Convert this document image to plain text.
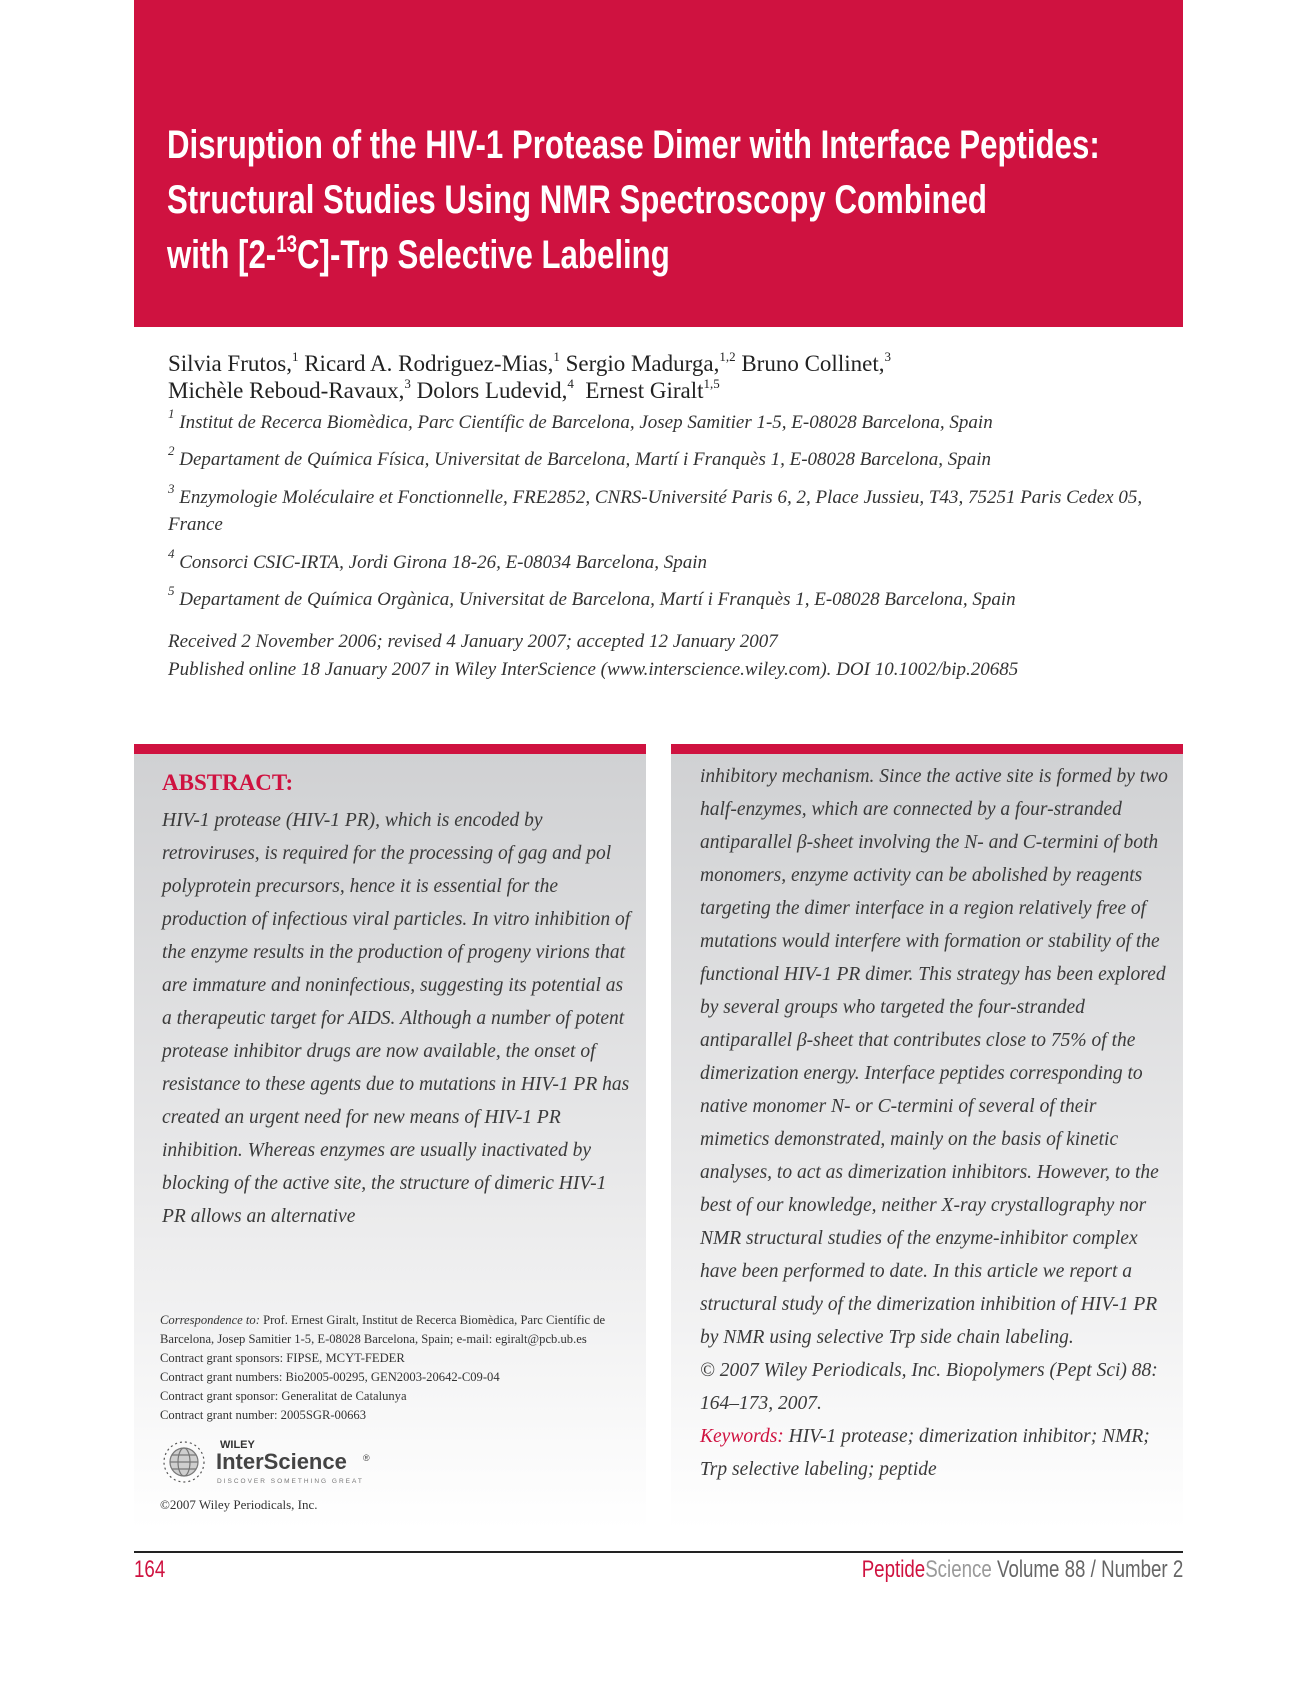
Disruption of the HIV-1 Protease Dimer with Interface Peptides:
Structural Studies Using NMR Spectroscopy Combined
with [2-$^{13}$C]-Trp Selective Labeling
Silvia Frutos,$^1$ Ricard A. Rodriguez-Mias,$^1$ Sergio Madurga,$^{1,2}$ Bruno Collinet,$^3$
Michèle Reboud-Ravaux,$^3$ Dolors Ludevid,$^4$ Ernest Giralt$^{1,5}$

$^1$ Institut de Recerca Biomèdica, Parc Científic de Barcelona, Josep Samitier 1-5, E-08028 Barcelona, Spain

$^2$ Departament de Química Física, Universitat de Barcelona, Martí i Franquès 1, E-08028 Barcelona, Spain

$^3$ Enzymologie Moléculaire et Fonctionnelle, FRE2852, CNRS-Université Paris 6, 2, Place Jussieu, T43, 75251 Paris Cedex 05, France

$^4$ Consorci CSIC-IRTA, Jordi Girona 18-26, E-08034 Barcelona, Spain

$^5$ Departament de Química Orgànica, Universitat de Barcelona, Martí i Franquès 1, E-08028 Barcelona, Spain

Received 2 November 2006; revised 4 January 2007; accepted 12 January 2007
Published online 18 January 2007 in Wiley InterScience (www.interscience.wiley.com). DOI 10.1002/bip.20685
ABSTRACT:
HIV-1 protease (HIV-1 PR), which is encoded by retroviruses, is required for the processing of gag and pol polyprotein precursors, hence it is essential for the production of infectious viral particles. In vitro inhibition of the enzyme results in the production of progeny virions that are immature and noninfectious, suggesting its potential as a therapeutic target for AIDS. Although a number of potent protease inhibitor drugs are now available, the onset of resistance to these agents due to mutations in HIV-1 PR has created an urgent need for new means of HIV-1 PR inhibition. Whereas enzymes are usually inactivated by blocking of the active site, the structure of dimeric HIV-1 PR allows an alternative
inhibitory mechanism. Since the active site is formed by two half-enzymes, which are connected by a four-stranded antiparallel β-sheet involving the N- and C-termini of both monomers, enzyme activity can be abolished by reagents targeting the dimer interface in a region relatively free of mutations would interfere with formation or stability of the functional HIV-1 PR dimer. This strategy has been explored by several groups who targeted the four-stranded antiparallel β-sheet that contributes close to 75% of the dimerization energy. Interface peptides corresponding to native monomer N- or C-termini of several of their mimetics demonstrated, mainly on the basis of kinetic analyses, to act as dimerization inhibitors. However, to the best of our knowledge, neither X-ray crystallography nor NMR structural studies of the enzyme-inhibitor complex have been performed to date. In this article we report a structural study of the dimerization inhibition of HIV-1 PR by NMR using selective Trp side chain labeling.
© 2007 Wiley Periodicals, Inc. Biopolymers (Pept Sci) 88: 164–173, 2007.
Keywords: HIV-1 protease; dimerization inhibitor; NMR; Trp selective labeling; peptide
Correspondence to: Prof. Ernest Giralt, Institut de Recerca Biomèdica, Parc Científic de Barcelona, Josep Samitier 1-5, E-08028 Barcelona, Spain; e-mail: egiralt@pcb.ub.es
Contract grant sponsors: FIPSE, MCYT-FEDER
Contract grant numbers: Bio2005-00295, GEN2003-20642-C09-04
Contract grant sponsor: Generalitat de Catalunya
Contract grant number: 2005SGR-00663
WILEY
InterScience ®
DISCOVER SOMETHING GREAT
©2007 Wiley Periodicals, Inc.
164	PeptideScience Volume 88 / Number 2
